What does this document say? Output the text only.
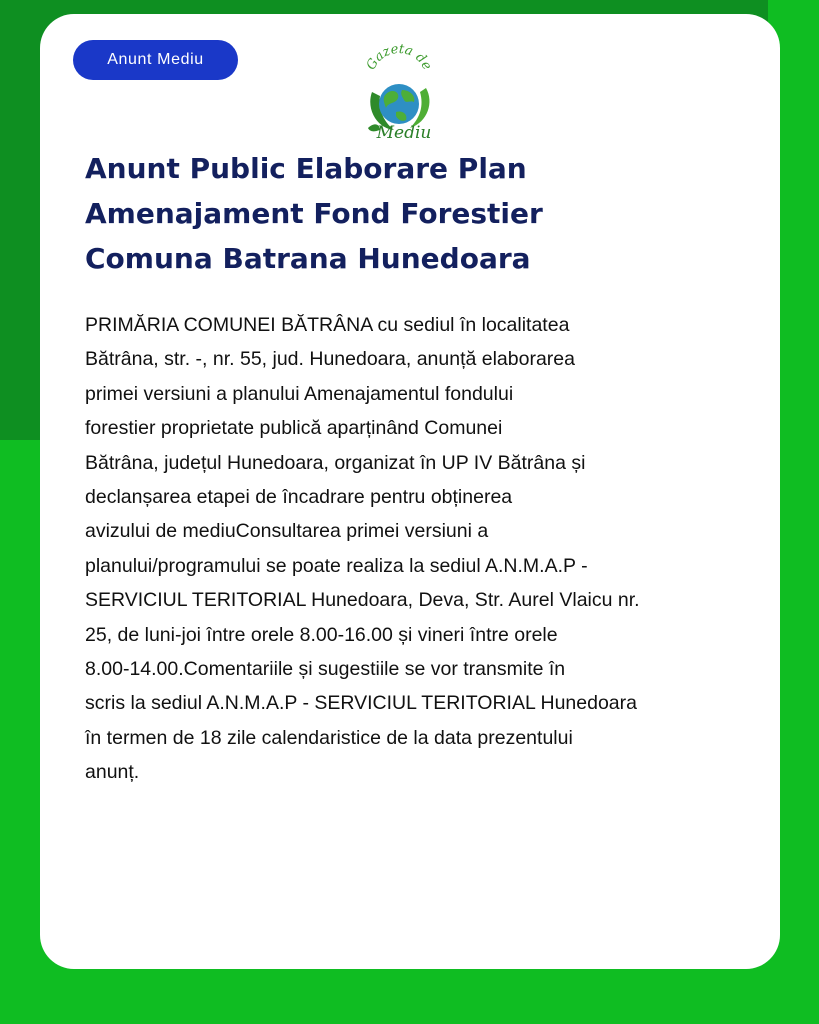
Anunt Mediu	Gazeta de
Mediu
Anunt Public Elaborare Plan
Amenajament Fond Forestier
Comuna Batrana Hunedoara

PRIMĂRIA COMUNEI BĂTRÂNA cu sediul în localitatea
Bătrâna, str. -, nr. 55, jud. Hunedoara, anunță elaborarea
primei versiuni a planului Amenajamentul fondului
forestier proprietate publică aparținând Comunei
Bătrâna, județul Hunedoara, organizat în UP IV Bătrâna și
declanșarea etapei de încadrare pentru obținerea
avizului de mediuConsultarea primei versiuni a
planului/programului se poate realiza la sediul A.N.M.A.P -
SERVICIUL TERITORIAL Hunedoara, Deva, Str. Aurel Vlaicu nr.
25, de luni-joi între orele 8.00-16.00 și vineri între orele
8.00-14.00.Comentariile și sugestiile se vor transmite în
scris la sediul A.N.M.A.P - SERVICIUL TERITORIAL Hunedoara
în termen de 18 zile calendaristice de la data prezentului
anunț.
